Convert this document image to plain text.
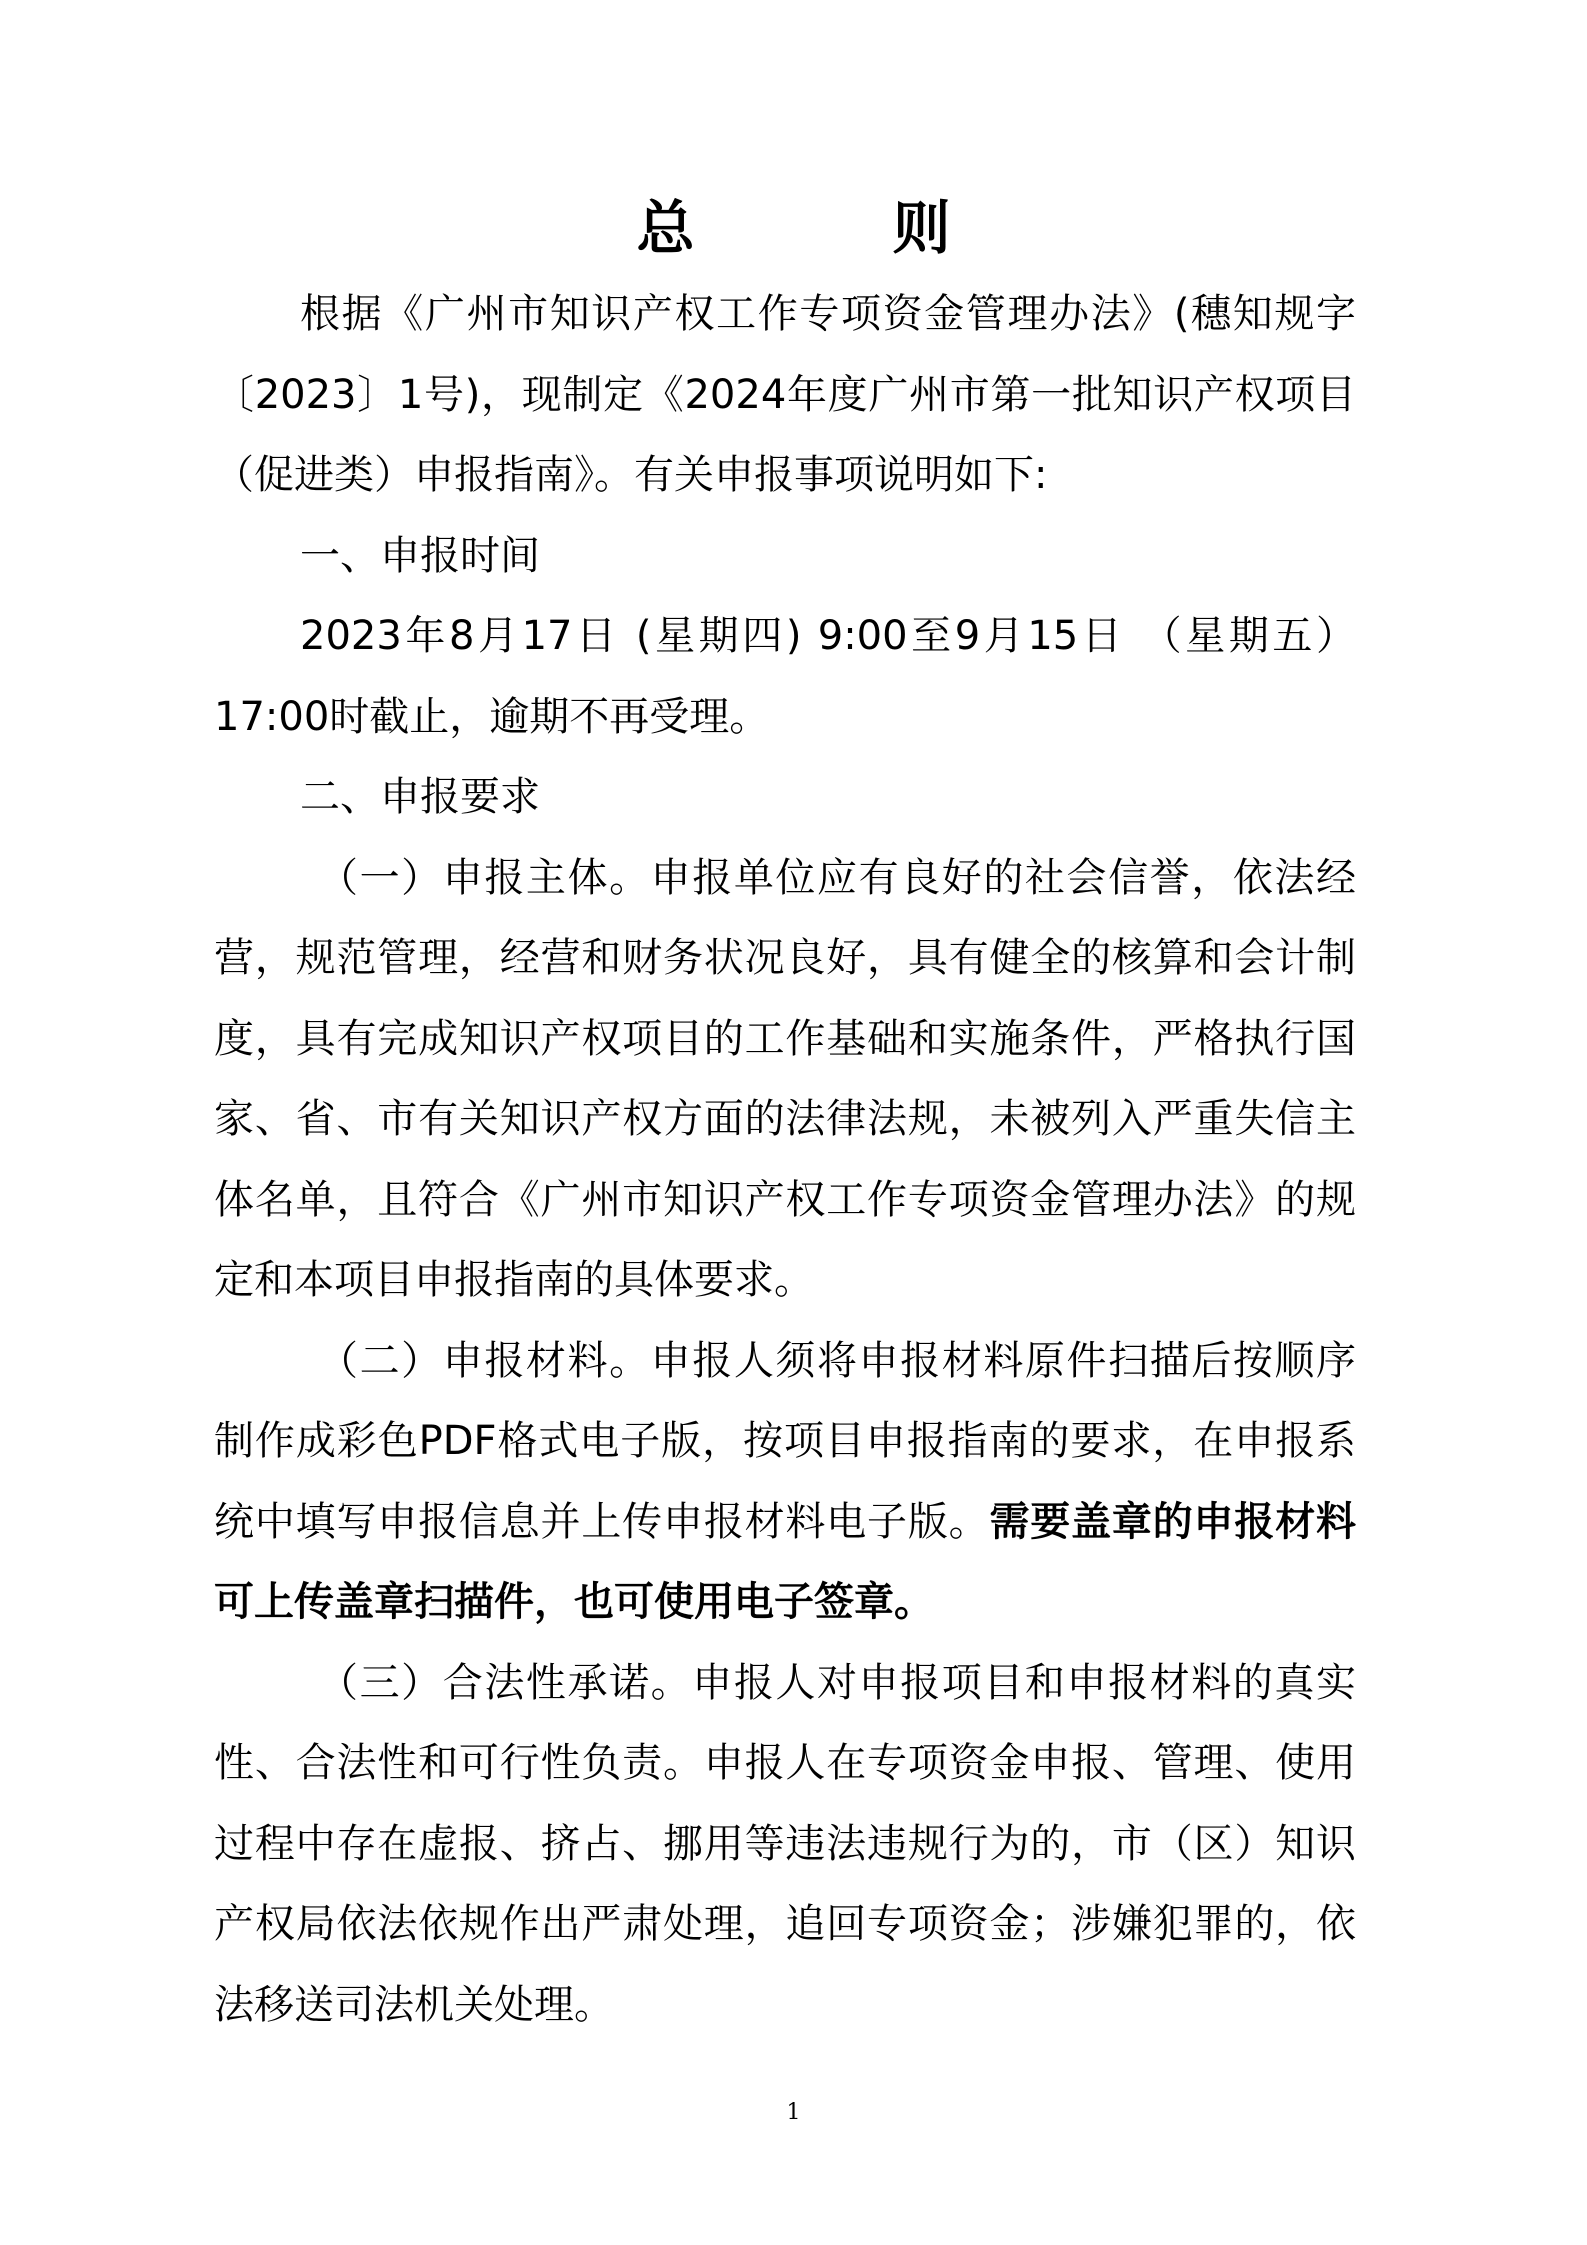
总　则

根据《广州市知识产权工作专项资金管理办法》(穗知规字〔2023〕1号)，现制定《2024年度广州市第一批知识产权项目（促进类）申报指南》。有关申报事项说明如下:

一、申报时间

2023年8月17日 (星期四) 9:00至9月15日 （星期五）17:00时截止，逾期不再受理。

二、申报要求

（一）申报主体。申报单位应有良好的社会信誉，依法经营，规范管理，经营和财务状况良好，具有健全的核算和会计制度，具有完成知识产权项目的工作基础和实施条件，严格执行国家、省、市有关知识产权方面的法律法规，未被列入严重失信主体名单，且符合《广州市知识产权工作专项资金管理办法》的规定和本项目申报指南的具体要求。

（二）申报材料。申报人须将申报材料原件扫描后按顺序制作成彩色PDF格式电子版，按项目申报指南的要求，在申报系统中填写申报信息并上传申报材料电子版。需要盖章的申报材料可上传盖章扫描件，也可使用电子签章。

（三）合法性承诺。申报人对申报项目和申报材料的真实性、合法性和可行性负责。申报人在专项资金申报、管理、使用过程中存在虚报、挤占、挪用等违法违规行为的，市（区）知识产权局依法依规作出严肃处理，追回专项资金；涉嫌犯罪的，依法移送司法机关处理。

1
